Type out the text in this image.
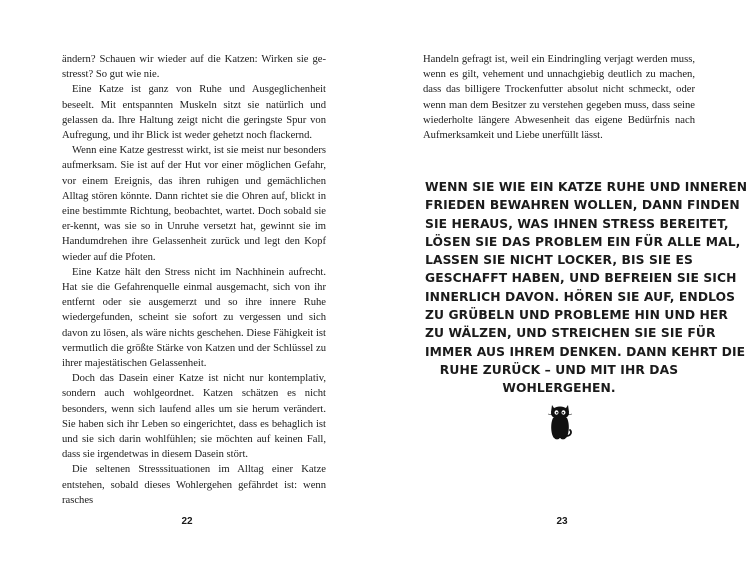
ändern? Schauen wir wieder auf die Katzen: Wirken sie ge-stresst? So gut wie nie.

Eine Katze ist ganz von Ruhe und Ausgeglichenheit beseelt. Mit entspannten Muskeln sitzt sie natürlich und gelassen da. Ihre Haltung zeigt nicht die geringste Spur von Aufregung, und ihr Blick ist weder gehetzt noch flackernd.

Wenn eine Katze gestresst wirkt, ist sie meist nur besonders aufmerksam. Sie ist auf der Hut vor einer möglichen Gefahr, vor einem Ereignis, das ihren ruhigen und gemächlichen Alltag stören könnte. Dann richtet sie die Ohren auf, blickt in eine bestimmte Richtung, beobachtet, wartet. Doch sobald sie er-kennt, was sie so in Unruhe versetzt hat, gewinnt sie im Handumdrehen ihre Gelassenheit zurück und legt den Kopf wieder auf die Pfoten.

Eine Katze hält den Stress nicht im Nachhinein aufrecht. Hat sie die Gefahrenquelle einmal ausgemacht, sich von ihr entfernt oder sie ausgemerzt und so ihre innere Ruhe wiedergefunden, scheint sie sofort zu vergessen und sich davon zu lösen, als wäre nichts geschehen. Diese Fähigkeit ist vermutlich die größte Stärke von Katzen und der Schlüssel zu ihrer majestätischen Gelassenheit.

Doch das Dasein einer Katze ist nicht nur kontemplativ, sondern auch wohlgeordnet. Katzen schätzen es nicht besonders, wenn sich laufend alles um sie herum verändert. Sie haben sich ihr Leben so eingerichtet, dass es behaglich ist und sie sich darin wohlfühlen; sie möchten auf keinen Fall, dass sie irgendetwas in diesem Dasein stört.

Die seltenen Stresssituationen im Alltag einer Katze entstehen, sobald dieses Wohlergehen gefährdet ist: wenn rasches

22

Handeln gefragt ist, weil ein Eindringling verjagt werden muss, wenn es gilt, vehement und unnachgiebig deutlich zu machen, dass das billigere Trockenfutter absolut nicht schmeckt, oder wenn man dem Besitzer zu verstehen gegeben muss, dass seine wiederholte längere Abwesenheit das eigene Bedürfnis nach Aufmerksamkeit und Liebe unerfüllt lässt.

WENN SIE WIE EIN KATZE RUHE UND INNEREN
FRIEDEN BEWAHREN WOLLEN, DANN FINDEN
SIE HERAUS, WAS IHNEN STRESS BEREITET,
LÖSEN SIE DAS PROBLEM EIN FÜR ALLE MAL,
LASSEN SIE NICHT LOCKER, BIS SIE ES
GESCHAFFT HABEN, UND BEFREIEN SIE SICH
INNERLICH DAVON. HÖREN SIE AUF, ENDLOS
ZU GRÜBELN UND PROBLEME HIN UND HER
ZU WÄLZEN, UND STREICHEN SIE SIE FÜR
IMMER AUS IHREM DENKEN. DANN KEHRT DIE
RUHE ZURÜCK – UND MIT IHR DAS
WOHLERGEHEN.
23
